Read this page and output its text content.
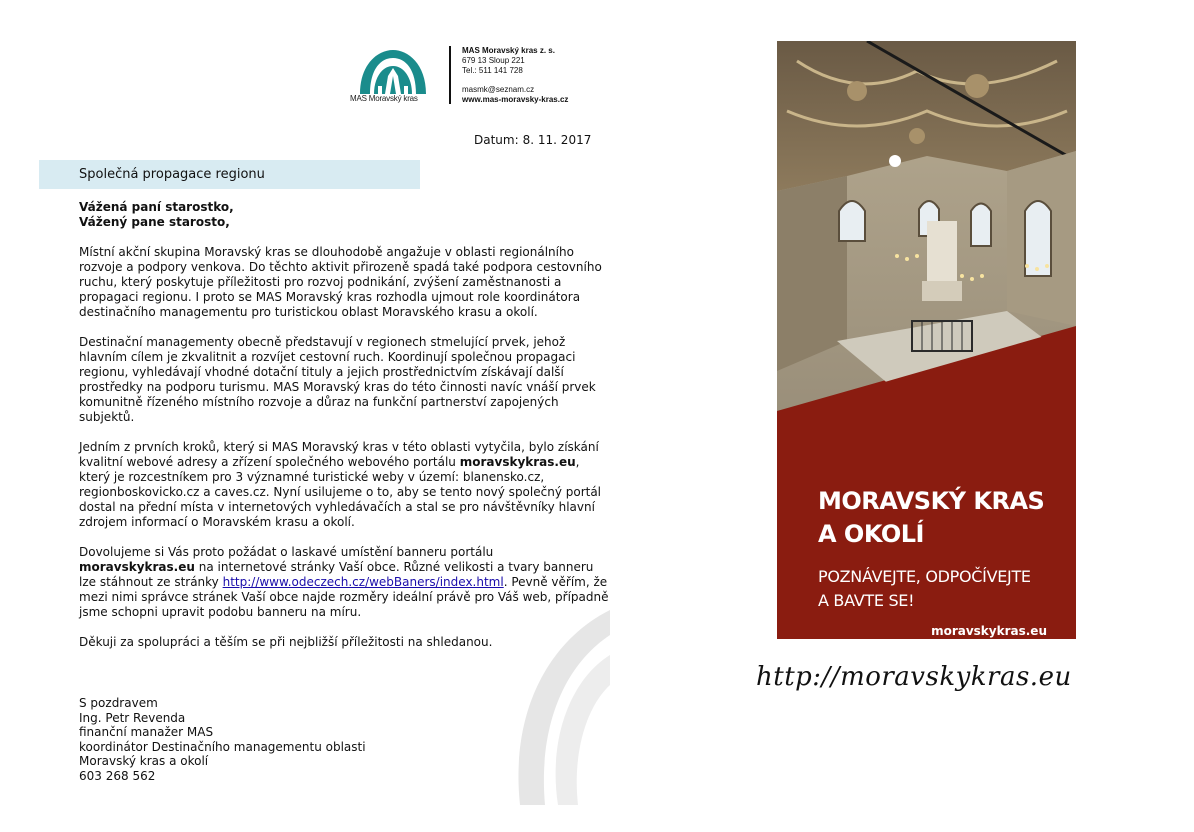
MAS Moravský kras
MAS Moravský kras z. s.
679 13 Sloup 221
Tel.: 511 141 728
masmk@seznam.cz
www.mas-moravsky-kras.cz
Datum: 8. 11. 2017
Společná propagace regionu
Vážená paní starostko,
Vážený pane starosto,

Místní akční skupina Moravský kras se dlouhodobě angažuje v oblasti regionálního rozvoje a podpory venkova. Do těchto aktivit přirozeně spadá také podpora cestovního ruchu, který poskytuje příležitosti pro rozvoj podnikání, zvýšení zaměstnanosti a propagaci regionu. I proto se MAS Moravský kras rozhodla ujmout role koordinátora destinačního managementu pro turistickou oblast Moravského krasu a okolí.

Destinační managementy obecně představují v regionech stmelující prvek, jehož hlavním cílem je zkvalitnit a rozvíjet cestovní ruch. Koordinují společnou propagaci regionu, vyhledávají vhodné dotační tituly a jejich prostřednictvím získávají další prostředky na podporu turismu. MAS Moravský kras do této činnosti navíc vnáší prvek komunitně řízeného místního rozvoje a důraz na funkční partnerství zapojených subjektů.

Jedním z prvních kroků, který si MAS Moravský kras v této oblasti vytyčila, bylo získání kvalitní webové adresy a zřízení společného webového portálu moravskykras.eu, který je rozcestníkem pro 3 významné turistické weby v území: blanensko.cz, regionboskovicko.cz a caves.cz. Nyní usilujeme o to, aby se tento nový společný portál dostal na přední místa v internetových vyhledávačích a stal se pro návštěvníky hlavní zdrojem informací o Moravském krasu a okolí.

Dovolujeme si Vás proto požádat o laskavé umístění banneru portálu moravskykras.eu na internetové stránky Vaší obce. Různé velikosti a tvary banneru lze stáhnout ze stránky http://www.odeczech.cz/webBaners/index.html. Pevně věřím, že mezi nimi správce stránek Vaší obce najde rozměry ideální právě pro Váš web, případně jsme schopni upravit podobu banneru na míru.

Děkuji za spolupráci a těším se při nejbližší příležitosti na shledanou.

S pozdravem
Ing. Petr Revenda
finanční manažer MAS
koordinátor Destinačního managementu oblasti
Moravský kras a okolí
603 268 562
MORAVSKÝ KRAS
A OKOLÍ
POZNÁVEJTE, ODPOČÍVEJTE
A BAVTE SE!
moravskykras.eu
http://moravskykras.eu
